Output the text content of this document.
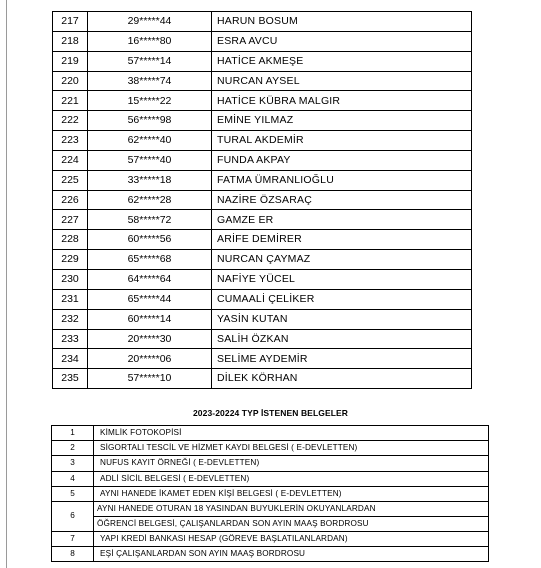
217	29*****44	HARUN BOSUM
218	16*****80	ESRA AVCU
219	57*****14	HATİCE AKMEŞE
220	38*****74	NURCAN AYSEL
221	15*****22	HATİCE KÜBRA MALGIR
222	56*****98	EMİNE YILMAZ
223	62*****40	TURAL AKDEMİR
224	57*****40	FUNDA AKPAY
225	33*****18	FATMA ÜMRANLIOĞLU
226	62*****28	NAZİRE ÖZSARAÇ
227	58*****72	GAMZE ER
228	60*****56	ARİFE DEMİRER
229	65*****68	NURCAN ÇAYMAZ
230	64*****64	NAFİYE YÜCEL
231	65*****44	CUMAALİ ÇELİKER
232	60*****14	YASİN KUTAN
233	20*****30	SALİH ÖZKAN
234	20*****06	SELİME AYDEMİR
235	57*****10	DİLEK KÖRHAN
2023-20224 TYP İSTENEN BELGELER
1	KİMLİK FOTOKOPİSİ

2	SİGORTALI TESCİL VE HİZMET KAYDI BELGESİ ( E-DEVLETTEN)

3	NUFUS KAYIT ÖRNEĞİ ( E-DEVLETTEN)

4	ADLİ SİCİL BELGESİ ( E-DEVLETTEN)

5	AYNI HANEDE İKAMET EDEN KİŞİ BELGESİ ( E-DEVLETTEN)

6	AYNI HANEDE OTURAN 18 YASINDAN BUYUKLERİN OKUYANLARDAN
ÖĞRENCİ BELGESİ, ÇALIŞANLARDAN SON AYIN MAAŞ BORDROSU

7	YAPI KREDİ BANKASI HESAP (GÖREVE BAŞLATILANLARDAN)

8	EŞİ ÇALIŞANLARDAN SON AYIN MAAŞ BORDROSU
